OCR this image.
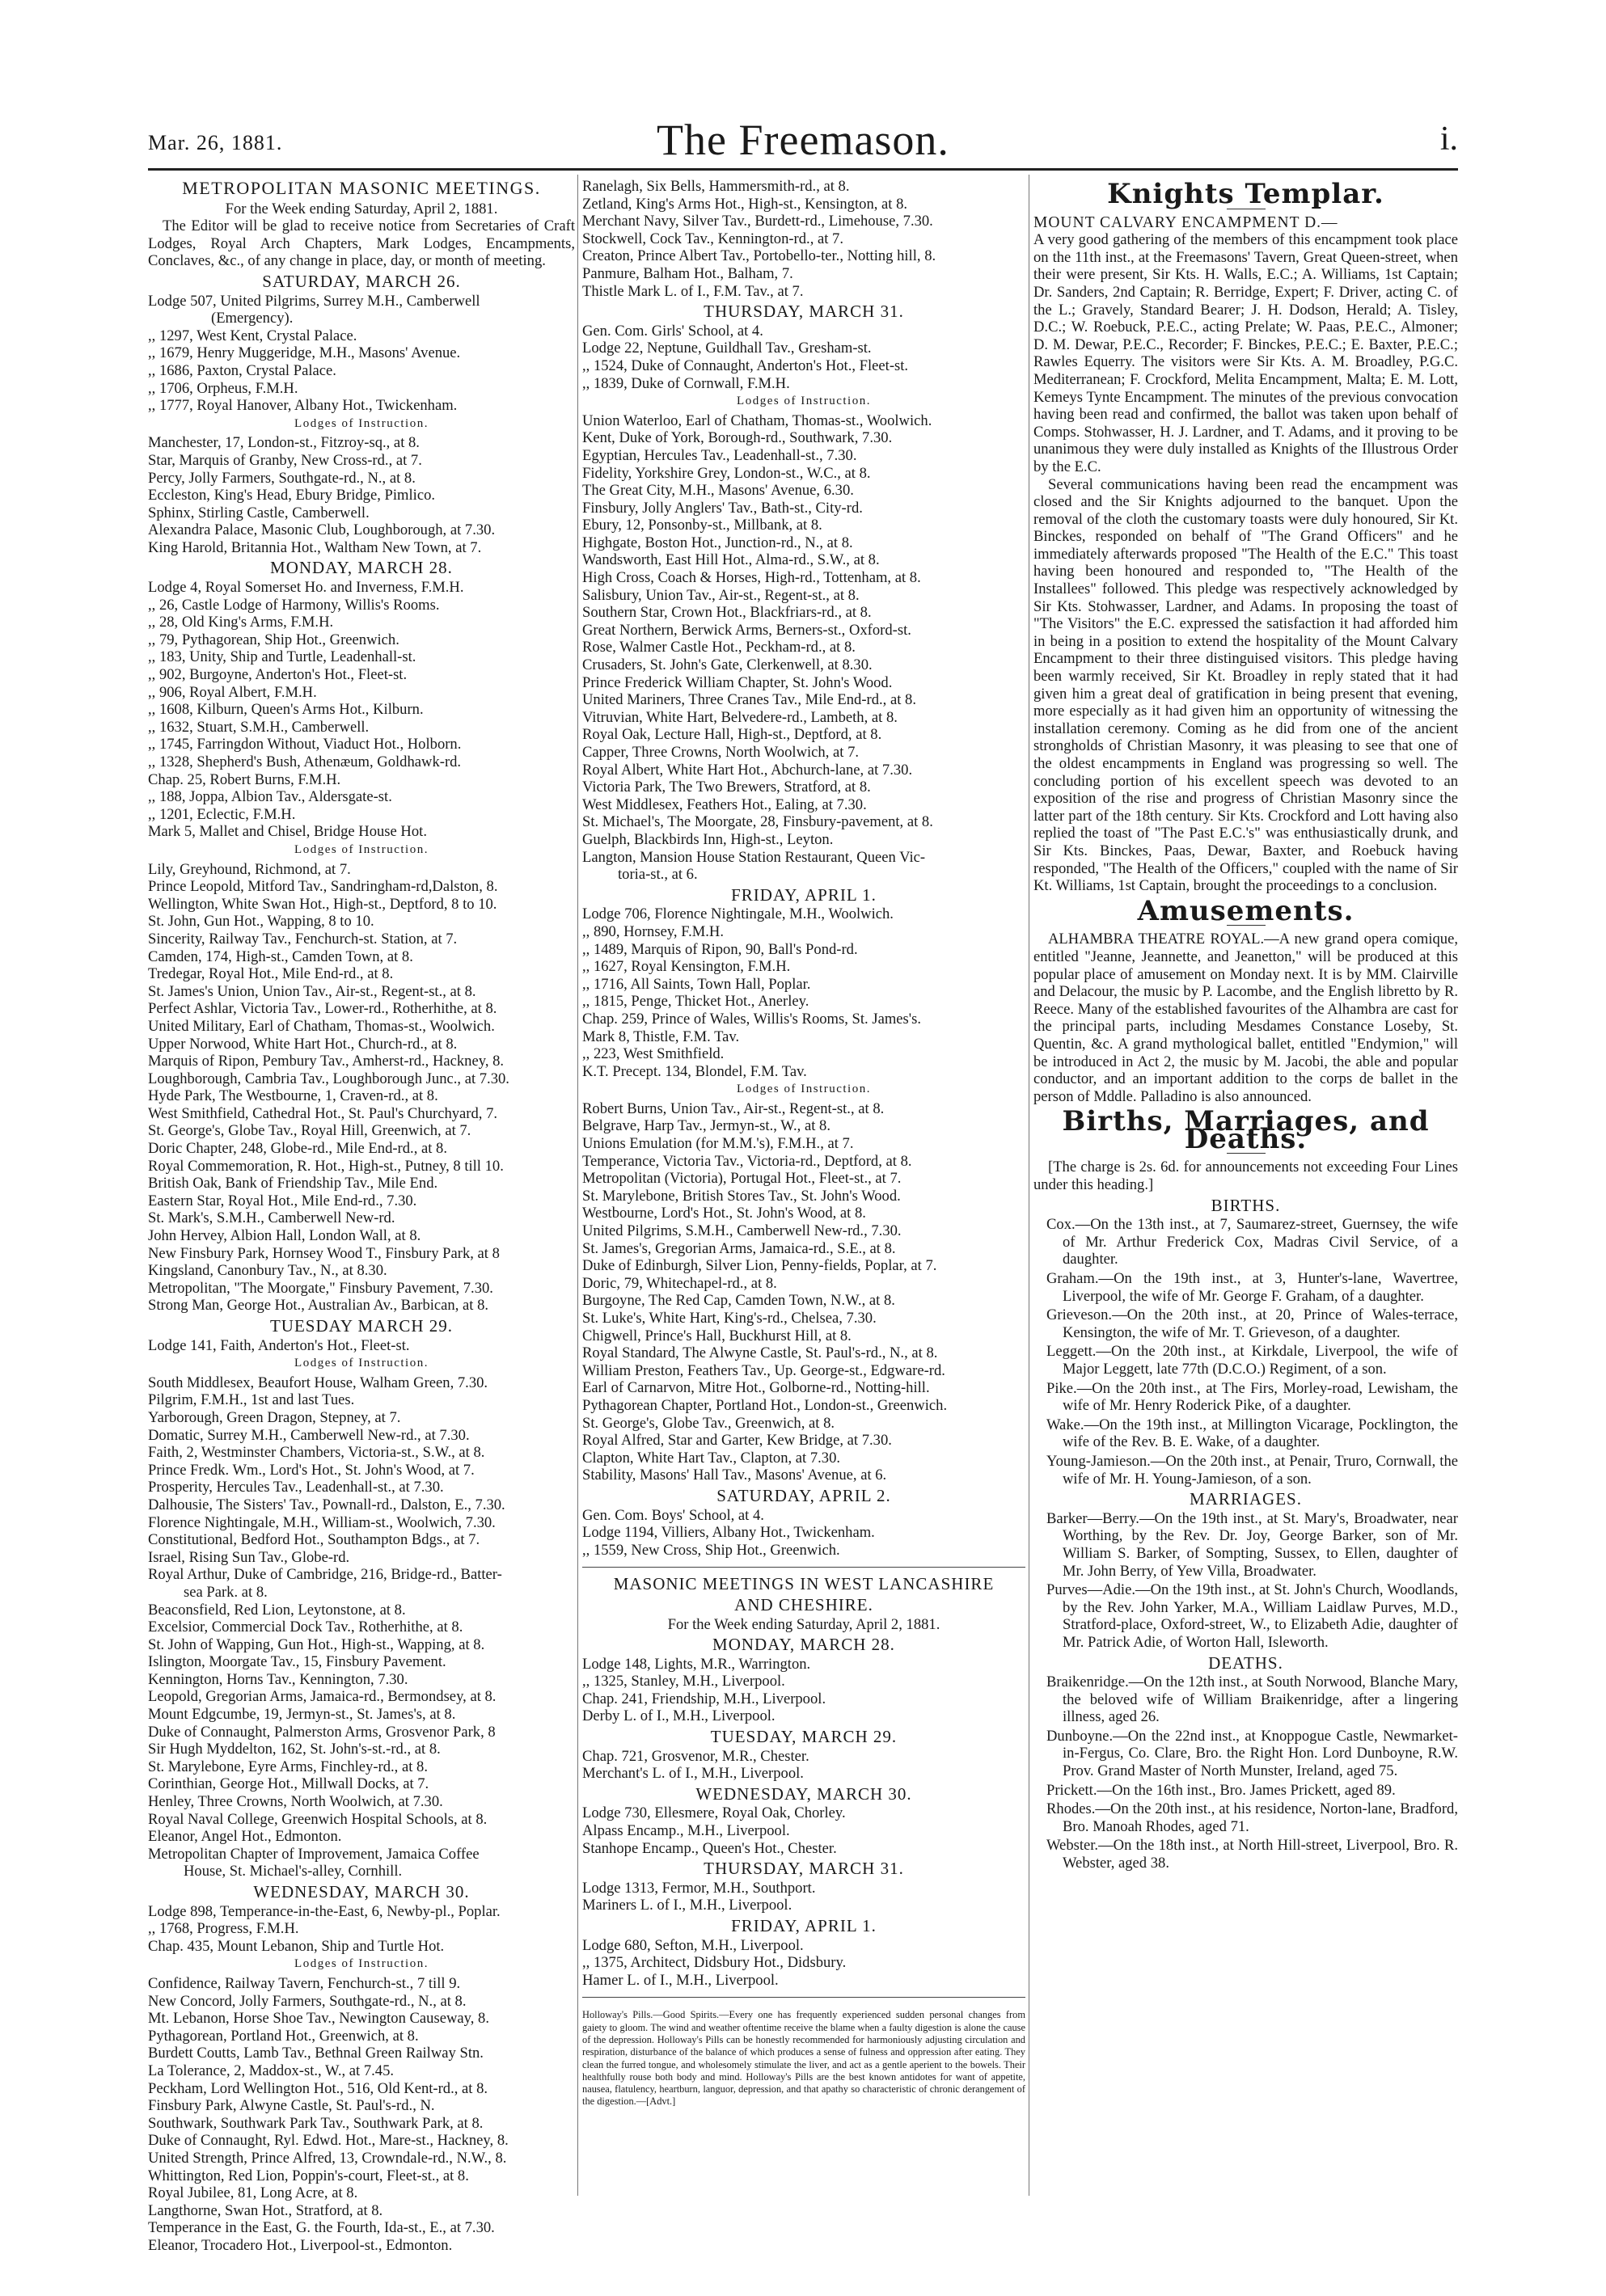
Mar. 26, 1881.	The Freemason.	i.
METROPOLITAN MASONIC MEETINGS.
For the Week ending Saturday, April 2, 1881.
The Editor will be glad to receive notice from Secretaries of Craft Lodges, Royal Arch Chapters, Mark Lodges, Encampments, Conclaves, &c., of any change in place, day, or month of meeting.
SATURDAY, MARCH 26.
Lodge 507, United Pilgrims, Surrey M.H., Camberwell
(Emergency).
,, 1297, West Kent, Crystal Palace.
,, 1679, Henry Muggeridge, M.H., Masons' Avenue.
,, 1686, Paxton, Crystal Palace.
,, 1706, Orpheus, F.M.H.
,, 1777, Royal Hanover, Albany Hot., Twickenham.
Lodges of Instruction.
Manchester, 17, London-st., Fitzroy-sq., at 8.
Star, Marquis of Granby, New Cross-rd., at 7.
Percy, Jolly Farmers, Southgate-rd., N., at 8.
Eccleston, King's Head, Ebury Bridge, Pimlico.
Sphinx, Stirling Castle, Camberwell.
Alexandra Palace, Masonic Club, Loughborough, at 7.30.
King Harold, Britannia Hot., Waltham New Town, at 7.
MONDAY, MARCH 28.
Lodge 4, Royal Somerset Ho. and Inverness, F.M.H.
,, 26, Castle Lodge of Harmony, Willis's Rooms.
,, 28, Old King's Arms, F.M.H.
,, 79, Pythagorean, Ship Hot., Greenwich.
,, 183, Unity, Ship and Turtle, Leadenhall-st.
,, 902, Burgoyne, Anderton's Hot., Fleet-st.
,, 906, Royal Albert, F.M.H.
,, 1608, Kilburn, Queen's Arms Hot., Kilburn.
,, 1632, Stuart, S.M.H., Camberwell.
,, 1745, Farringdon Without, Viaduct Hot., Holborn.
,, 1328, Shepherd's Bush, Athenæum, Goldhawk-rd.
Chap. 25, Robert Burns, F.M.H.
,, 188, Joppa, Albion Tav., Aldersgate-st.
,, 1201, Eclectic, F.M.H.
Mark 5, Mallet and Chisel, Bridge House Hot.
Lodges of Instruction.
Lily, Greyhound, Richmond, at 7.
Prince Leopold, Mitford Tav., Sandringham-rd,Dalston, 8.
Wellington, White Swan Hot., High-st., Deptford, 8 to 10.
St. John, Gun Hot., Wapping, 8 to 10.
Sincerity, Railway Tav., Fenchurch-st. Station, at 7.
Camden, 174, High-st., Camden Town, at 8.
Tredegar, Royal Hot., Mile End-rd., at 8.
St. James's Union, Union Tav., Air-st., Regent-st., at 8.
Perfect Ashlar, Victoria Tav., Lower-rd., Rotherhithe, at 8.
United Military, Earl of Chatham, Thomas-st., Woolwich.
Upper Norwood, White Hart Hot., Church-rd., at 8.
Marquis of Ripon, Pembury Tav., Amherst-rd., Hackney, 8.
Loughborough, Cambria Tav., Loughborough Junc., at 7.30.
Hyde Park, The Westbourne, 1, Craven-rd., at 8.
West Smithfield, Cathedral Hot., St. Paul's Churchyard, 7.
St. George's, Globe Tav., Royal Hill, Greenwich, at 7.
Doric Chapter, 248, Globe-rd., Mile End-rd., at 8.
Royal Commemoration, R. Hot., High-st., Putney, 8 till 10.
British Oak, Bank of Friendship Tav., Mile End.
Eastern Star, Royal Hot., Mile End-rd., 7.30.
St. Mark's, S.M.H., Camberwell New-rd.
John Hervey, Albion Hall, London Wall, at 8.
New Finsbury Park, Hornsey Wood T., Finsbury Park, at 8
Kingsland, Canonbury Tav., N., at 8.30.
Metropolitan, "The Moorgate," Finsbury Pavement, 7.30.
Strong Man, George Hot., Australian Av., Barbican, at 8.
TUESDAY MARCH 29.
Lodge 141, Faith, Anderton's Hot., Fleet-st.
Lodges of Instruction.
South Middlesex, Beaufort House, Walham Green, 7.30.
Pilgrim, F.M.H., 1st and last Tues.
Yarborough, Green Dragon, Stepney, at 7.
Domatic, Surrey M.H., Camberwell New-rd., at 7.30.
Faith, 2, Westminster Chambers, Victoria-st., S.W., at 8.
Prince Fredk. Wm., Lord's Hot., St. John's Wood, at 7.
Prosperity, Hercules Tav., Leadenhall-st., at 7.30.
Dalhousie, The Sisters' Tav., Pownall-rd., Dalston, E., 7.30.
Florence Nightingale, M.H., William-st., Woolwich, 7.30.
Constitutional, Bedford Hot., Southampton Bdgs., at 7.
Israel, Rising Sun Tav., Globe-rd.
Royal Arthur, Duke of Cambridge, 216, Bridge-rd., Batter-
sea Park. at 8.
Beaconsfield, Red Lion, Leytonstone, at 8.
Excelsior, Commercial Dock Tav., Rotherhithe, at 8.
St. John of Wapping, Gun Hot., High-st., Wapping, at 8.
Islington, Moorgate Tav., 15, Finsbury Pavement.
Kennington, Horns Tav., Kennington, 7.30.
Leopold, Gregorian Arms, Jamaica-rd., Bermondsey, at 8.
Mount Edgcumbe, 19, Jermyn-st., St. James's, at 8.
Duke of Connaught, Palmerston Arms, Grosvenor Park, 8
Sir Hugh Myddelton, 162, St. John's-st.-rd., at 8.
St. Marylebone, Eyre Arms, Finchley-rd., at 8.
Corinthian, George Hot., Millwall Docks, at 7.
Henley, Three Crowns, North Woolwich, at 7.30.
Royal Naval College, Greenwich Hospital Schools, at 8.
Eleanor, Angel Hot., Edmonton.
Metropolitan Chapter of Improvement, Jamaica Coffee
House, St. Michael's-alley, Cornhill.
WEDNESDAY, MARCH 30.
Lodge 898, Temperance-in-the-East, 6, Newby-pl., Poplar.
,, 1768, Progress, F.M.H.
Chap. 435, Mount Lebanon, Ship and Turtle Hot.
Lodges of Instruction.
Confidence, Railway Tavern, Fenchurch-st., 7 till 9.
New Concord, Jolly Farmers, Southgate-rd., N., at 8.
Mt. Lebanon, Horse Shoe Tav., Newington Causeway, 8.
Pythagorean, Portland Hot., Greenwich, at 8.
Burdett Coutts, Lamb Tav., Bethnal Green Railway Stn.
La Tolerance, 2, Maddox-st., W., at 7.45.
Peckham, Lord Wellington Hot., 516, Old Kent-rd., at 8.
Finsbury Park, Alwyne Castle, St. Paul's-rd., N.
Southwark, Southwark Park Tav., Southwark Park, at 8.
Duke of Connaught, Ryl. Edwd. Hot., Mare-st., Hackney, 8.
United Strength, Prince Alfred, 13, Crowndale-rd., N.W., 8.
Whittington, Red Lion, Poppin's-court, Fleet-st., at 8.
Royal Jubilee, 81, Long Acre, at 8.
Langthorne, Swan Hot., Stratford, at 8.
Temperance in the East, G. the Fourth, Ida-st., E., at 7.30.
Eleanor, Trocadero Hot., Liverpool-st., Edmonton.
Ranelagh, Six Bells, Hammersmith-rd., at 8.
Zetland, King's Arms Hot., High-st., Kensington, at 8.
Merchant Navy, Silver Tav., Burdett-rd., Limehouse, 7.30.
Stockwell, Cock Tav., Kennington-rd., at 7.
Creaton, Prince Albert Tav., Portobello-ter., Notting hill, 8.
Panmure, Balham Hot., Balham, 7.
Thistle Mark L. of I., F.M. Tav., at 7.
THURSDAY, MARCH 31.
Gen. Com. Girls' School, at 4.
Lodge 22, Neptune, Guildhall Tav., Gresham-st.
,, 1524, Duke of Connaught, Anderton's Hot., Fleet-st.
,, 1839, Duke of Cornwall, F.M.H.
Lodges of Instruction.
Union Waterloo, Earl of Chatham, Thomas-st., Woolwich.
Kent, Duke of York, Borough-rd., Southwark, 7.30.
Egyptian, Hercules Tav., Leadenhall-st., 7.30.
Fidelity, Yorkshire Grey, London-st., W.C., at 8.
The Great City, M.H., Masons' Avenue, 6.30.
Finsbury, Jolly Anglers' Tav., Bath-st., City-rd.
Ebury, 12, Ponsonby-st., Millbank, at 8.
Highgate, Boston Hot., Junction-rd., N., at 8.
Wandsworth, East Hill Hot., Alma-rd., S.W., at 8.
High Cross, Coach & Horses, High-rd., Tottenham, at 8.
Salisbury, Union Tav., Air-st., Regent-st., at 8.
Southern Star, Crown Hot., Blackfriars-rd., at 8.
Great Northern, Berwick Arms, Berners-st., Oxford-st.
Rose, Walmer Castle Hot., Peckham-rd., at 8.
Crusaders, St. John's Gate, Clerkenwell, at 8.30.
Prince Frederick William Chapter, St. John's Wood.
United Mariners, Three Cranes Tav., Mile End-rd., at 8.
Vitruvian, White Hart, Belvedere-rd., Lambeth, at 8.
Royal Oak, Lecture Hall, High-st., Deptford, at 8.
Capper, Three Crowns, North Woolwich, at 7.
Royal Albert, White Hart Hot., Abchurch-lane, at 7.30.
Victoria Park, The Two Brewers, Stratford, at 8.
West Middlesex, Feathers Hot., Ealing, at 7.30.
St. Michael's, The Moorgate, 28, Finsbury-pavement, at 8.
Guelph, Blackbirds Inn, High-st., Leyton.
Langton, Mansion House Station Restaurant, Queen Vic-
toria-st., at 6.
FRIDAY, APRIL 1.
Lodge 706, Florence Nightingale, M.H., Woolwich.
,, 890, Hornsey, F.M.H.
,, 1489, Marquis of Ripon, 90, Ball's Pond-rd.
,, 1627, Royal Kensington, F.M.H.
,, 1716, All Saints, Town Hall, Poplar.
,, 1815, Penge, Thicket Hot., Anerley.
Chap. 259, Prince of Wales, Willis's Rooms, St. James's.
Mark 8, Thistle, F.M. Tav.
,, 223, West Smithfield.
K.T. Precept. 134, Blondel, F.M. Tav.
Lodges of Instruction.
Robert Burns, Union Tav., Air-st., Regent-st., at 8.
Belgrave, Harp Tav., Jermyn-st., W., at 8.
Unions Emulation (for M.M.'s), F.M.H., at 7.
Temperance, Victoria Tav., Victoria-rd., Deptford, at 8.
Metropolitan (Victoria), Portugal Hot., Fleet-st., at 7.
St. Marylebone, British Stores Tav., St. John's Wood.
Westbourne, Lord's Hot., St. John's Wood, at 8.
United Pilgrims, S.M.H., Camberwell New-rd., 7.30.
St. James's, Gregorian Arms, Jamaica-rd., S.E., at 8.
Duke of Edinburgh, Silver Lion, Penny-fields, Poplar, at 7.
Doric, 79, Whitechapel-rd., at 8.
Burgoyne, The Red Cap, Camden Town, N.W., at 8.
St. Luke's, White Hart, King's-rd., Chelsea, 7.30.
Chigwell, Prince's Hall, Buckhurst Hill, at 8.
Royal Standard, The Alwyne Castle, St. Paul's-rd., N., at 8.
William Preston, Feathers Tav., Up. George-st., Edgware-rd.
Earl of Carnarvon, Mitre Hot., Golborne-rd., Notting-hill.
Pythagorean Chapter, Portland Hot., London-st., Greenwich.
St. George's, Globe Tav., Greenwich, at 8.
Royal Alfred, Star and Garter, Kew Bridge, at 7.30.
Clapton, White Hart Tav., Clapton, at 7.30.
Stability, Masons' Hall Tav., Masons' Avenue, at 6.
SATURDAY, APRIL 2.
Gen. Com. Boys' School, at 4.
Lodge 1194, Villiers, Albany Hot., Twickenham.
,, 1559, New Cross, Ship Hot., Greenwich.
MASONIC MEETINGS IN WEST LANCASHIRE
AND CHESHIRE.
For the Week ending Saturday, April 2, 1881.
MONDAY, MARCH 28.
Lodge 148, Lights, M.R., Warrington.
,, 1325, Stanley, M.H., Liverpool.
Chap. 241, Friendship, M.H., Liverpool.
Derby L. of I., M.H., Liverpool.
TUESDAY, MARCH 29.
Chap. 721, Grosvenor, M.R., Chester.
Merchant's L. of I., M.H., Liverpool.
WEDNESDAY, MARCH 30.
Lodge 730, Ellesmere, Royal Oak, Chorley.
Alpass Encamp., M.H., Liverpool.
Stanhope Encamp., Queen's Hot., Chester.
THURSDAY, MARCH 31.
Lodge 1313, Fermor, M.H., Southport.
Mariners L. of I., M.H., Liverpool.
FRIDAY, APRIL 1.
Lodge 680, Sefton, M.H., Liverpool.
,, 1375, Architect, Didsbury Hot., Didsbury.
Hamer L. of I., M.H., Liverpool.
Holloway's Pills.—Good Spirits.—Every one has frequently experienced sudden personal changes from gaiety to gloom. The wind and weather oftentime receive the blame when a faulty digestion is alone the cause of the depression. Holloway's Pills can be honestly recommended for harmoniously adjusting circulation and respiration, disturbance of the balance of which produces a sense of fulness and oppression after eating. They clean the furred tongue, and wholesomely stimulate the liver, and act as a gentle aperient to the bowels. Their healthfully rouse both body and mind. Holloway's Pills are the best known antidotes for want of appetite, nausea, flatulency, heartburn, languor, depression, and that apathy so characteristic of chronic derangement of the digestion.—[Advt.]
Knights Templar.
MOUNT CALVARY ENCAMPMENT D.—
A very good gathering of the members of this encampment took place on the 11th inst., at the Freemasons' Tavern, Great Queen-street, when their were present, Sir Kts. H. Walls, E.C.; A. Williams, 1st Captain; Dr. Sanders, 2nd Captain; R. Berridge, Expert; F. Driver, acting C. of the L.; Gravely, Standard Bearer; J. H. Dodson, Herald; A. Tisley, D.C.; W. Roebuck, P.E.C., acting Prelate; W. Paas, P.E.C., Almoner; D. M. Dewar, P.E.C., Recorder; F. Binckes, P.E.C.; E. Baxter, P.E.C.; Rawles Equerry. The visitors were Sir Kts. A. M. Broadley, P.G.C. Mediterranean; F. Crockford, Melita Encampment, Malta; E. M. Lott, Kemeys Tynte Encampment. The minutes of the previous convocation having been read and confirmed, the ballot was taken upon behalf of Comps. Stohwasser, H. J. Lardner, and T. Adams, and it proving to be unanimous they were duly installed as Knights of the Illustrous Order by the E.C.
Several communications having been read the encampment was closed and the Sir Knights adjourned to the banquet. Upon the removal of the cloth the customary toasts were duly honoured, Sir Kt. Binckes, responded on behalf of "The Grand Officers" and he immediately afterwards proposed "The Health of the E.C." This toast having been honoured and responded to, "The Health of the Installees" followed. This pledge was respectively acknowledged by Sir Kts. Stohwasser, Lardner, and Adams. In proposing the toast of "The Visitors" the E.C. expressed the satisfaction it had afforded him in being in a position to extend the hospitality of the Mount Calvary Encampment to their three distinguised visitors. This pledge having been warmly received, Sir Kt. Broadley in reply stated that it had given him a great deal of gratification in being present that evening, more especially as it had given him an opportunity of witnessing the installation ceremony. Coming as he did from one of the ancient strongholds of Christian Masonry, it was pleasing to see that one of the oldest encampments in England was progressing so well. The concluding portion of his excellent speech was devoted to an exposition of the rise and progress of Christian Masonry since the latter part of the 18th century. Sir Kts. Crockford and Lott having also replied the toast of "The Past E.C.'s" was enthusiastically drunk, and Sir Kts. Binckes, Paas, Dewar, Baxter, and Roebuck having responded, "The Health of the Officers," coupled with the name of Sir Kt. Williams, 1st Captain, brought the proceedings to a conclusion.
Amusements.
ALHAMBRA THEATRE ROYAL.—A new grand opera comique, entitled "Jeanne, Jeannette, and Jeanetton," will be produced at this popular place of amusement on Monday next. It is by MM. Clairville and Delacour, the music by P. Lacombe, and the English libretto by R. Reece. Many of the established favourites of the Alhambra are cast for the principal parts, including Mesdames Constance Loseby, St. Quentin, &c. A grand mythological ballet, entitled "Endymion," will be introduced in Act 2, the music by M. Jacobi, the able and popular conductor, and an important addition to the corps de ballet in the person of Mddle. Palladino is also announced.
Births, Marriages, and Deaths.
[The charge is 2s. 6d. for announcements not exceeding Four Lines under this heading.]
BIRTHS.
Cox.—On the 13th inst., at 7, Saumarez-street, Guernsey, the wife of Mr. Arthur Frederick Cox, Madras Civil Service, of a daughter.
Graham.—On the 19th inst., at 3, Hunter's-lane, Wavertree, Liverpool, the wife of Mr. George F. Graham, of a daughter.
Grieveson.—On the 20th inst., at 20, Prince of Wales-terrace, Kensington, the wife of Mr. T. Grieveson, of a daughter.
Leggett.—On the 20th inst., at Kirkdale, Liverpool, the wife of Major Leggett, late 77th (D.C.O.) Regiment, of a son.
Pike.—On the 20th inst., at The Firs, Morley-road, Lewisham, the wife of Mr. Henry Roderick Pike, of a daughter.
Wake.—On the 19th inst., at Millington Vicarage, Pocklington, the wife of the Rev. B. E. Wake, of a daughter.
Young-Jamieson.—On the 20th inst., at Penair, Truro, Cornwall, the wife of Mr. H. Young-Jamieson, of a son.
MARRIAGES.
Barker—Berry.—On the 19th inst., at St. Mary's, Broadwater, near Worthing, by the Rev. Dr. Joy, George Barker, son of Mr. William S. Barker, of Sompting, Sussex, to Ellen, daughter of Mr. John Berry, of Yew Villa, Broadwater.
Purves—Adie.—On the 19th inst., at St. John's Church, Woodlands, by the Rev. John Yarker, M.A., William Laidlaw Purves, M.D., Stratford-place, Oxford-street, W., to Elizabeth Adie, daughter of Mr. Patrick Adie, of Worton Hall, Isleworth.
DEATHS.
Braikenridge.—On the 12th inst., at South Norwood, Blanche Mary, the beloved wife of William Braikenridge, after a lingering illness, aged 26.
Dunboyne.—On the 22nd inst., at Knoppogue Castle, Newmarket-in-Fergus, Co. Clare, Bro. the Right Hon. Lord Dunboyne, R.W. Prov. Grand Master of North Munster, Ireland, aged 75.
Prickett.—On the 16th inst., Bro. James Prickett, aged 89.
Rhodes.—On the 20th inst., at his residence, Norton-lane, Bradford, Bro. Manoah Rhodes, aged 71.
Webster.—On the 18th inst., at North Hill-street, Liverpool, Bro. R. Webster, aged 38.
